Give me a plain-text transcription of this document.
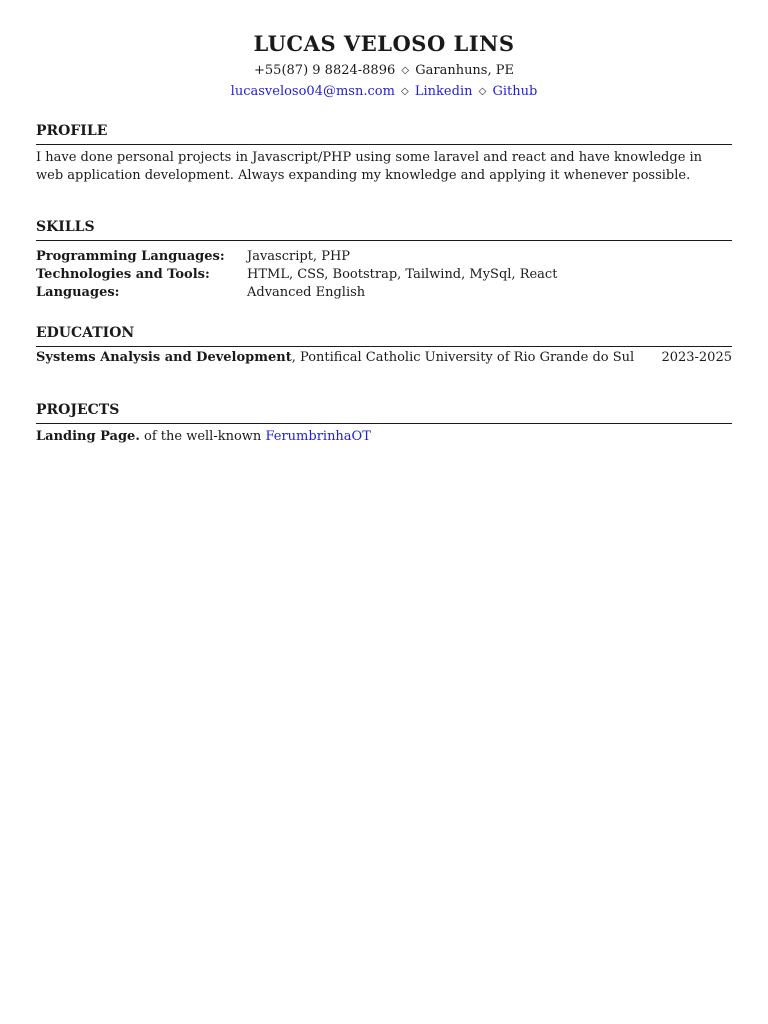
LUCAS VELOSO LINS
+55(87) 9 8824-8896 ◇ Garanhuns, PE
lucasveloso04@msn.com ◇ Linkedin ◇ Github
PROFILE
I have done personal projects in Javascript/PHP using some laravel and react and have knowledge in web application development. Always expanding my knowledge and applying it whenever possible.
SKILLS
Programming Languages:	Javascript, PHP
Technologies and Tools:	HTML, CSS, Bootstrap, Tailwind, MySql, React
Languages:	Advanced English
EDUCATION
Systems Analysis and Development, Pontifical Catholic University of Rio Grande do Sul 2023-2025
PROJECTS
Landing Page. of the well-known FerumbrinhaOT
